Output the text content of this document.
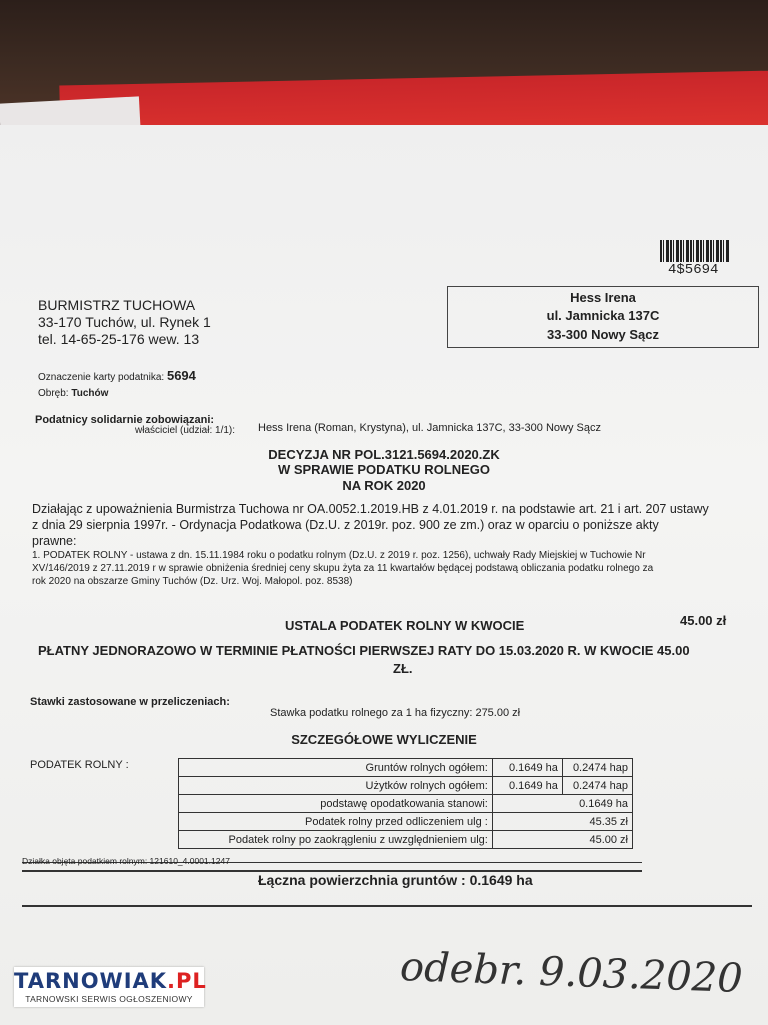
4$5694
BURMISTRZ TUCHOWA
33-170 Tuchów, ul. Rynek 1
tel. 14-65-25-176 wew. 13
Hess Irena
ul. Jamnicka 137C
33-300 Nowy Sącz
Oznaczenie karty podatnika: 5694
Obręb: Tuchów
Podatnicy solidarnie zobowiązani:
właściciel (udział: 1/1): Hess Irena (Roman, Krystyna), ul. Jamnicka 137C, 33-300 Nowy Sącz
DECYZJA NR POL.3121.5694.2020.ZK
W SPRAWIE PODATKU ROLNEGO
NA ROK 2020
Działając z upoważnienia Burmistrza Tuchowa nr OA.0052.1.2019.HB z 4.01.2019 r. na podstawie art. 21 i art. 207 ustawy
z dnia 29 sierpnia 1997r. - Ordynacja Podatkowa (Dz.U. z 2019r. poz. 900 ze zm.) oraz w oparciu o poniższe akty
prawne:
1. PODATEK ROLNY - ustawa z dn. 15.11.1984 roku o podatku rolnym (Dz.U. z 2019 r. poz. 1256), uchwały Rady Miejskiej w Tuchowie Nr
XV/146/2019 z 27.11.2019 r w sprawie obniżenia średniej ceny skupu żyta za 11 kwartałów będącej podstawą obliczania podatku rolnego za
rok 2020 na obszarze Gminy Tuchów (Dz. Urz. Woj. Małopol. poz. 8538)
USTALA PODATEK ROLNY W KWOCIE	45.00 zł
PŁATNY JEDNORAZOWO W TERMINIE PŁATNOŚCI PIERWSZEJ RATY DO 15.03.2020 R. W KWOCIE 45.00
ZŁ.
Stawki zastosowane w przeliczeniach:
Stawka podatku rolnego za 1 ha fizyczny: 275.00 zł
SZCZEGÓŁOWE WYLICZENIE
PODATEK ROLNY :	Gruntów rolnych ogółem:	0.1649 ha	0.2474 hap
Użytków rolnych ogółem:	0.1649 ha	0.2474 hap
podstawę opodatkowania stanowi:	0.1649 ha	
Podatek rolny przed odliczeniem ulg :	45.35 zł	
Podatek rolny po zaokrągleniu z uwzględnieniem ulg:	45.00 zł	
Działka objęta podatkiem rolnym: 121610_4.0001.1247
Łączna powierzchnia gruntów : 0.1649 ha
odebr. 9.03.2020
TARNOWIAK.PL
TARNOWSKI SERWIS OGŁOSZENIOWY
